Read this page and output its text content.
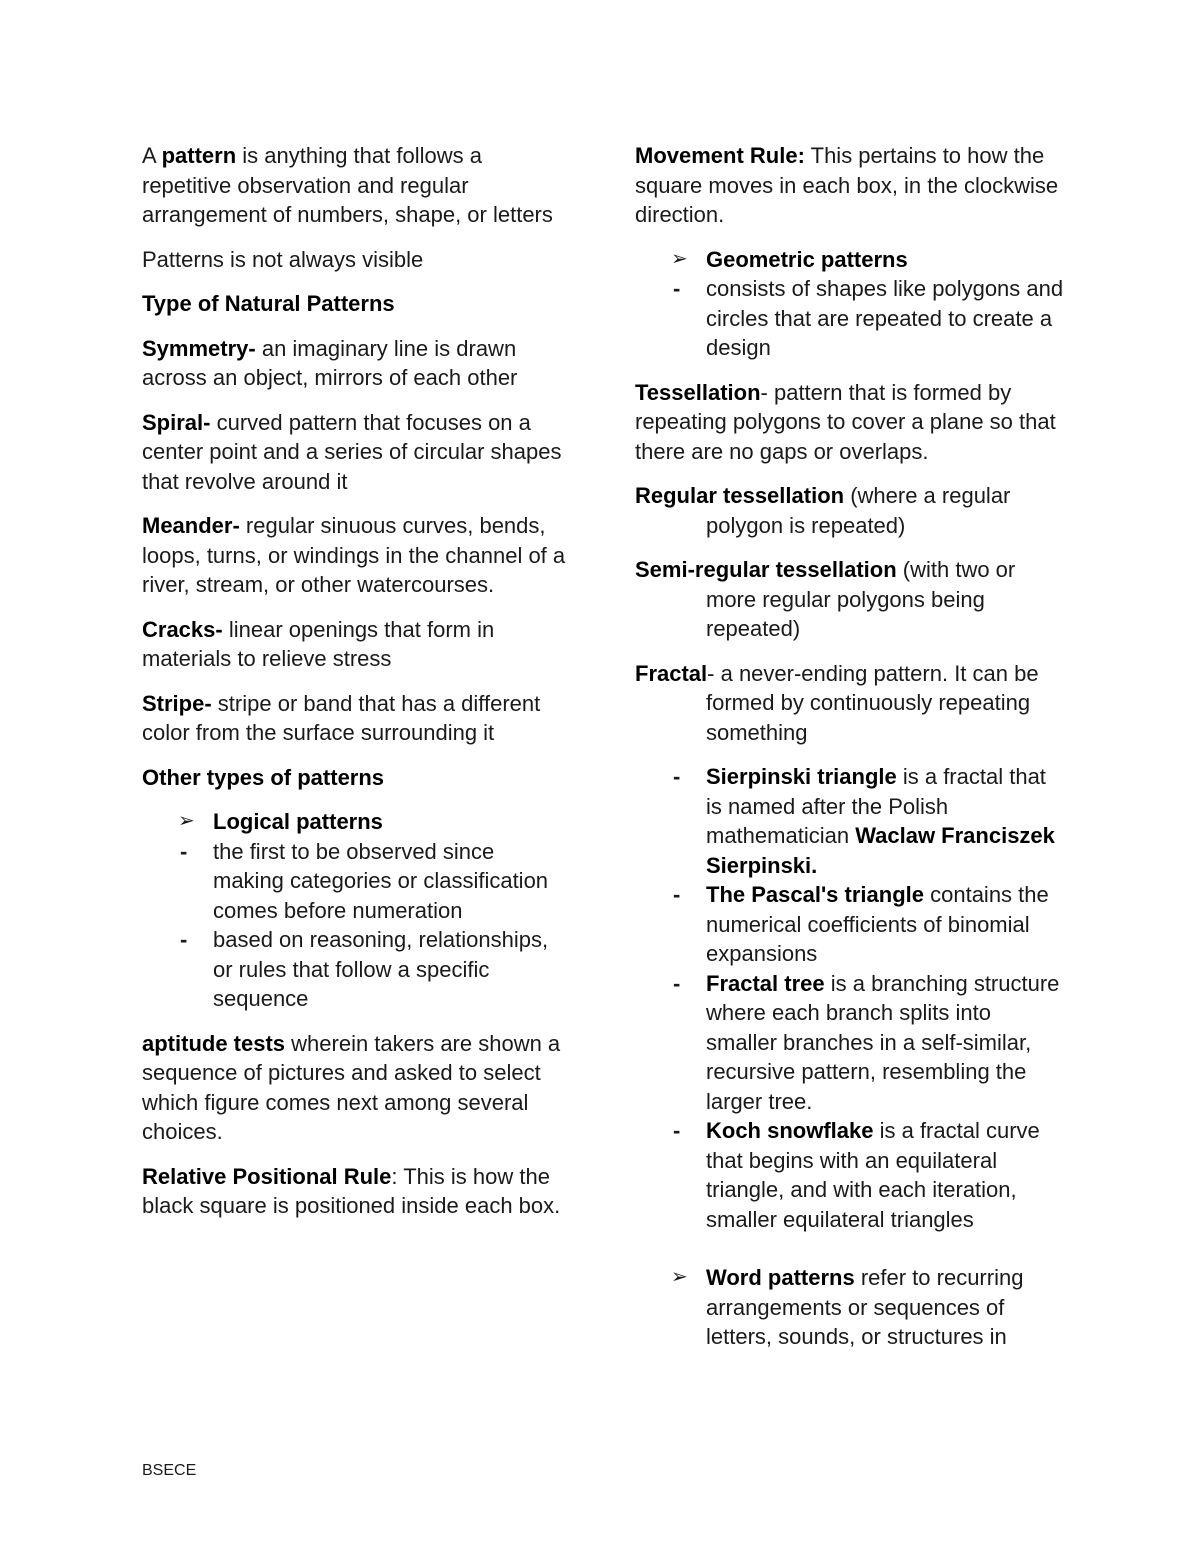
A pattern is anything that follows a repetitive observation and regular arrangement of numbers, shape, or letters

Patterns is not always visible

Type of Natural Patterns

Symmetry- an imaginary line is drawn across an object, mirrors of each other

Spiral- curved pattern that focuses on a center point and a series of circular shapes that revolve around it

Meander- regular sinuous curves, bends, loops, turns, or windings in the channel of a river, stream, or other watercourses.

Cracks- linear openings that form in materials to relieve stress

Stripe- stripe or band that has a different color from the surface surrounding it

Other types of patterns

➢ Logical patterns
- the first to be observed since making categories or classification comes before numeration
- based on reasoning, relationships, or rules that follow a specific sequence

aptitude tests wherein takers are shown a sequence of pictures and asked to select which figure comes next among several choices.

Relative Positional Rule: This is how the black square is positioned inside each box.

Movement Rule: This pertains to how the square moves in each box, in the clockwise direction.

➢ Geometric patterns
- consists of shapes like polygons and circles that are repeated to create a design

Tessellation- pattern that is formed by repeating polygons to cover a plane so that there are no gaps or overlaps.

Regular tessellation (where a regular polygon is repeated)

Semi-regular tessellation (with two or more regular polygons being repeated)

Fractal- a never-ending pattern. It can be formed by continuously repeating something

- Sierpinski triangle is a fractal that is named after the Polish mathematician Waclaw Franciszek Sierpinski.
- The Pascal's triangle contains the numerical coefficients of binomial expansions
- Fractal tree is a branching structure where each branch splits into smaller branches in a self-similar, recursive pattern, resembling the larger tree.
- Koch snowflake is a fractal curve that begins with an equilateral triangle, and with each iteration, smaller equilateral triangles
➢ Word patterns refer to recurring arrangements or sequences of letters, sounds, or structures in
BSECE
